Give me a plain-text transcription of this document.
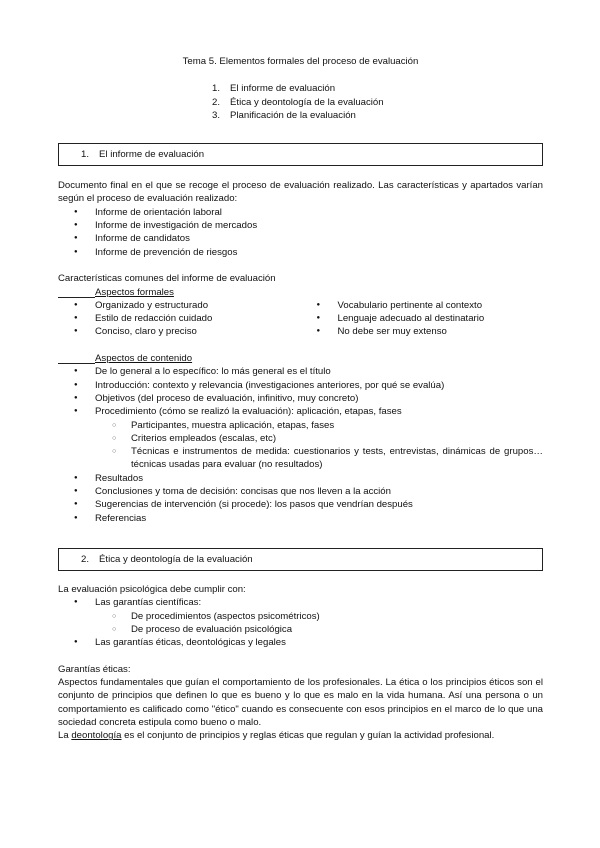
Tema 5. Elementos formales del proceso de evaluación
1. El informe de evaluación
2. Ética y deontología de la evaluación
3. Planificación de la evaluación
1. El informe de evaluación

Documento final en el que se recoge el proceso de evaluación realizado. Las características y apartados varían según el proceso de evaluación realizado:

● Informe de orientación laboral
● Informe de investigación de mercados
● Informe de candidatos
● Informe de prevención de riesgos

Características comunes del informe de evaluación

Aspectos formales

● Organizado y estructurado
● Estilo de redacción cuidado
● Conciso, claro y preciso
● Vocabulario pertinente al contexto
● Lenguaje adecuado al destinatario
● No debe ser muy extenso

Aspectos de contenido

● De lo general a lo específico: lo más general es el título
● Introducción: contexto y relevancia (investigaciones anteriores, por qué se evalúa)
● Objetivos (del proceso de evaluación, infinitivo, muy concreto)
● Procedimiento (cómo se realizó la evaluación): aplicación, etapas, fases
○ Participantes, muestra aplicación, etapas, fases
○ Criterios empleados (escalas, etc)
○ Técnicas e instrumentos de medida: cuestionarios y tests, entrevistas, dinámicas de grupos… técnicas usadas para evaluar (no resultados)
● Resultados
● Conclusiones y toma de decisión: concisas que nos lleven a la acción
● Sugerencias de intervención (si procede): los pasos que vendrían después
● Referencias
2. Ética y deontología de la evaluación

La evaluación psicológica debe cumplir con:

● Las garantías científicas:
○ De procedimientos (aspectos psicométricos)
○ De proceso de evaluación psicológica
● Las garantías éticas, deontológicas y legales

Garantías éticas:

Aspectos fundamentales que guían el comportamiento de los profesionales. La ética o los principios éticos son el conjunto de principios que definen lo que es bueno y lo que es malo en la vida humana. Así una persona o un comportamiento es calificado como "ético" cuando es consecuente con esos principios en el marco de lo que una sociedad concreta estipula como bueno o malo.

La deontología es el conjunto de principios y reglas éticas que regulan y guían la actividad profesional.
